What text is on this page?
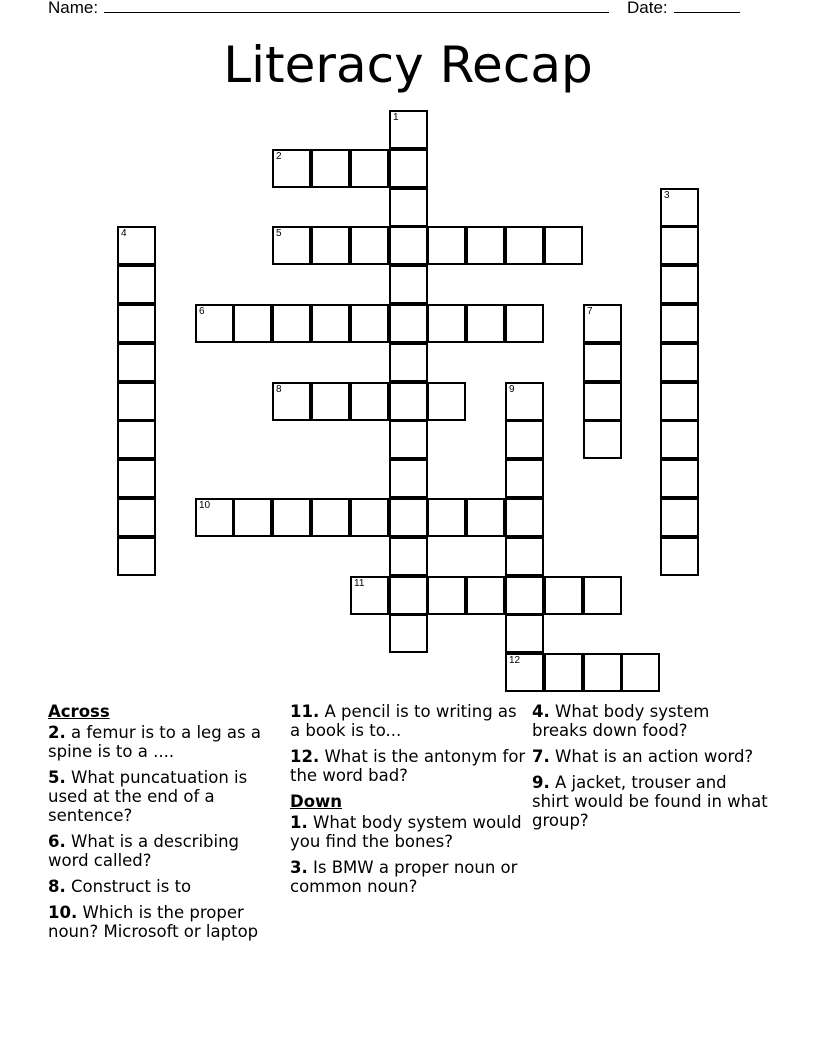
Name:	Date:
Literacy Recap
1
2
3
4	5
6	7
8	9
12
10
11
Across
2. a femur is to a leg as a spine is to a ....
5. What puncatuation is used at the end of a sentence?
6. What is a describing word called?
8. Construct is to
10. Which is the proper noun? Microsoft or laptop
11. A pencil is to writing as a book is to...
12. What is the antonym for the word bad?
Down
1. What body system would you find the bones?
3. Is BMW a proper noun or common noun?
4. What body system breaks down food?
7. What is an action word?
9. A jacket, trouser and shirt would be found in what group?
